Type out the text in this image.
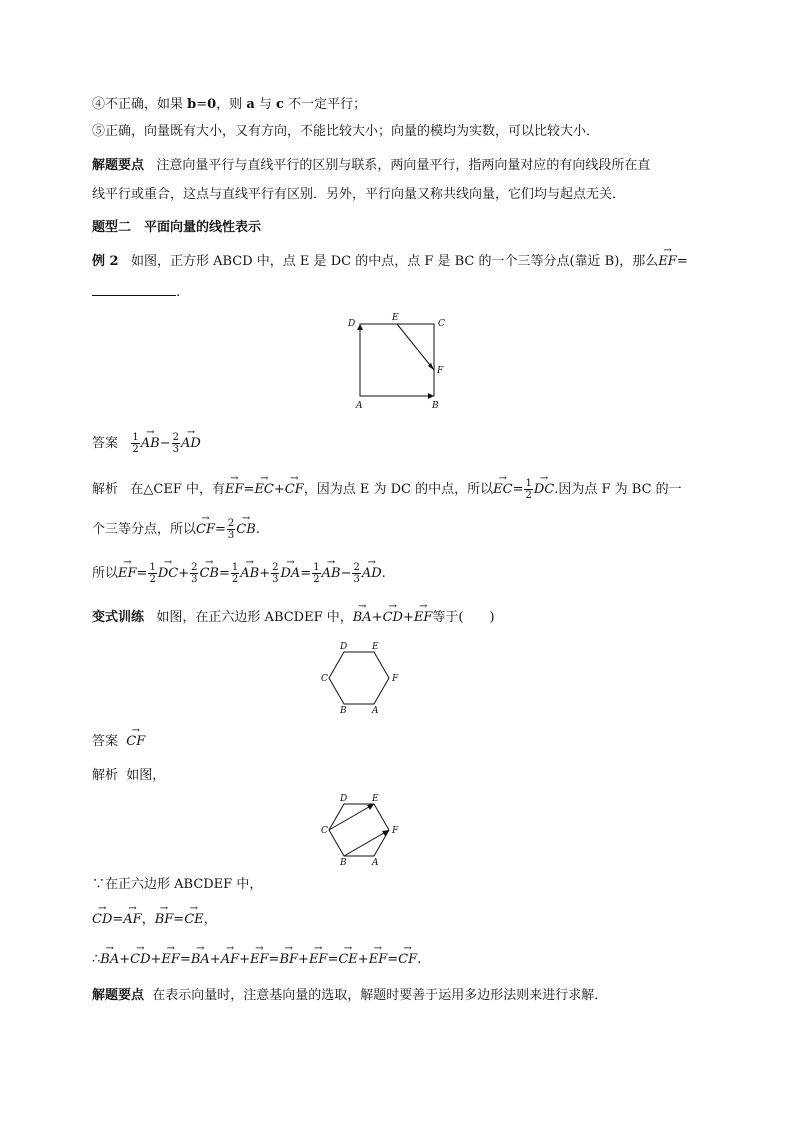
④不正确，如果 b=0，则 a 与 c 不一定平行；
⑤正确，向量既有大小，又有方向，不能比较大小；向量的模均为实数，可以比较大小．
解题要点 注意向量平行与直线平行的区别与联系，两向量平行，指两向量对应的有向线段所在直
线平行或重合，这点与直线平行有区别．另外，平行向量又称共线向量，它们均与起点无关．
题型二　平面向量的线性表示
例 2 如图，正方形 ABCD 中，点 E 是 DC 的中点，点 F 是 BC 的一个三等分点(靠近 B)，那么→ EF=
.
D
E
C
F
A	B
答案 $\frac{1}{2}$
→ $AB- \frac{2}{3}$
→ AD
解析 在△CEF 中，有→ EF=→ EC+→ CF，因为点 E 为 DC 的中点，所以→ $EC= \frac{1}{2}$
→ DC.因为点 F 为 BC 的一
个三等分点，所以→ $CF= \frac{2}{3}$
→ CB.
所以→ $EF= \frac{1}{2}$
→ $DC+ \frac{2}{3}$
→ $CB= \frac{1}{2}$
→ $AB+ \frac{2}{3}$
→ $DA= \frac{1}{2}$
→ $AB- \frac{2}{3}$
→ AD.
变式训练 如图，在正六边形 ABCDEF 中，→ BA+→ CD+→ EF等于(　　)
D	E
C	F
B	A
答案  → CF
解析 如图，
D	E
C	F
B	A
∵在正六边形 ABCDEF 中，
→ CD=→ AF，→ BF=→ CE，
∴→ BA+→ CD+→ EF=→ BA+→ AF+→ EF=→ BF+→ EF=→ CE+→ EF=→ CF.
解题要点 在表示向量时，注意基向量的选取，解题时要善于运用多边形法则来进行求解．
